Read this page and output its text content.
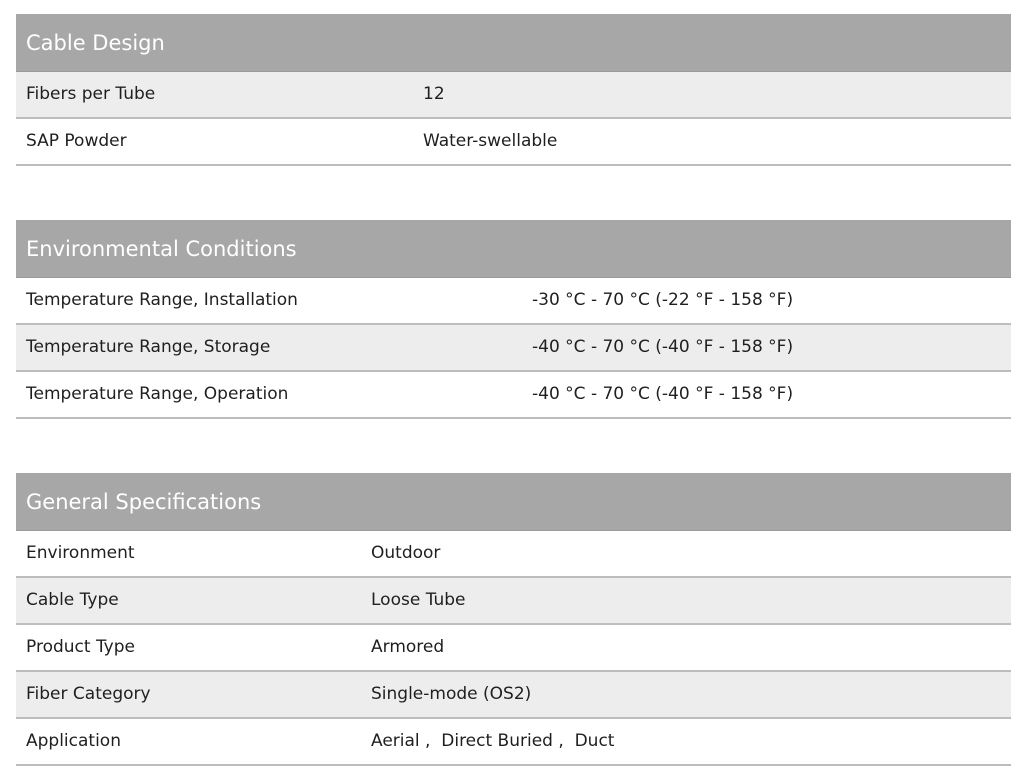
Cable Design
Fibers per Tube	12
SAP Powder	Water-swellable
Environmental Conditions
Temperature Range, Installation	-30 °C - 70 °C (-22 °F - 158 °F)
Temperature Range, Storage	-40 °C - 70 °C (-40 °F - 158 °F)
Temperature Range, Operation	-40 °C - 70 °C (-40 °F - 158 °F)
General Specifications
Environment	Outdoor
Cable Type	Loose Tube
Product Type	Armored
Fiber Category	Single-mode (OS2)
Application	Aerial ,  Direct Buried ,  Duct
